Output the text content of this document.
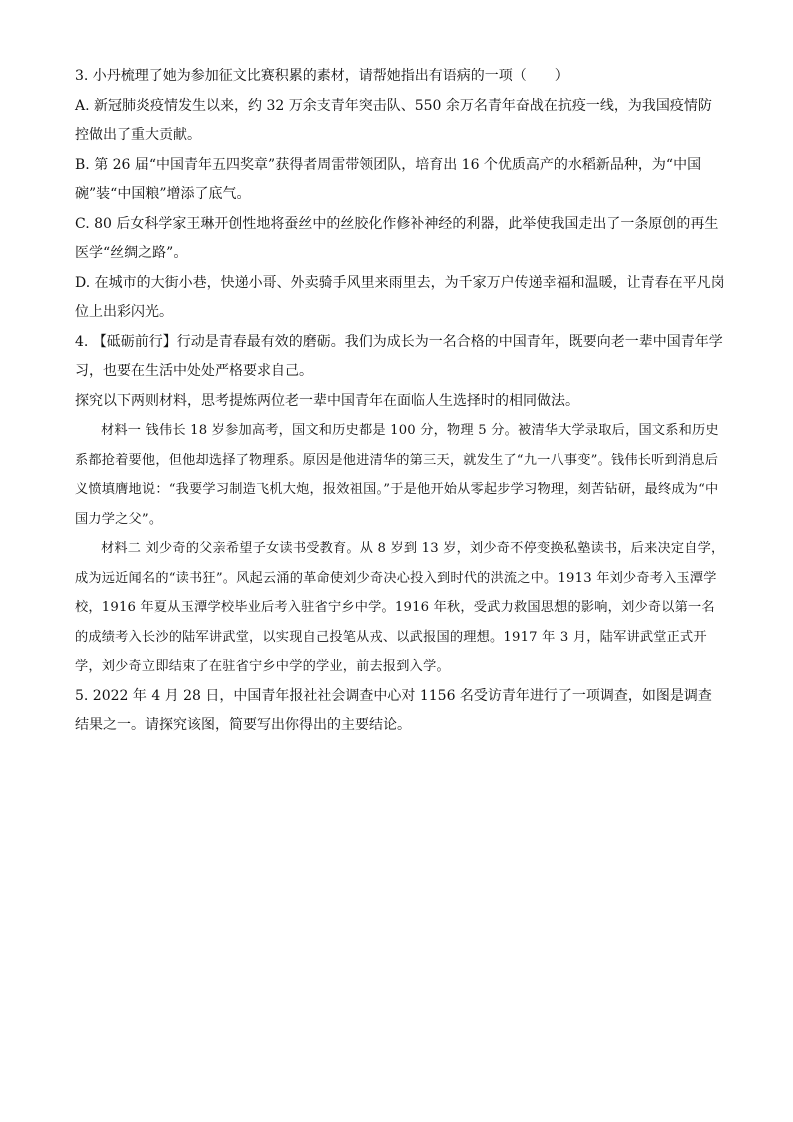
3. 小丹梳理了她为参加征文比赛积累的素材，请帮她指出有语病的一项（　　）
A. 新冠肺炎疫情发生以来，约 32 万余支青年突击队、550 余万名青年奋战在抗疫一线，为我国疫情防控做出了重大贡献。
B. 第 26 届“中国青年五四奖章”获得者周雷带领团队，培育出 16 个优质高产的水稻新品种，为“中国碗”装“中国粮”增添了底气。
C. 80 后女科学家王琳开创性地将蚕丝中的丝胶化作修补神经的利器，此举使我国走出了一条原创的再生医学“丝绸之路”。
D. 在城市的大街小巷，快递小哥、外卖骑手风里来雨里去，为千家万户传递幸福和温暖，让青春在平凡岗位上出彩闪光。
4. 【砥砺前行】行动是青春最有效的磨砺。我们为成长为一名合格的中国青年，既要向老一辈中国青年学习，也要在生活中处处严格要求自己。
探究以下两则材料，思考提炼两位老一辈中国青年在面临人生选择时的相同做法。
材料一 钱伟长 18 岁参加高考，国文和历史都是 100 分，物理 5 分。被清华大学录取后，国文系和历史系都抢着要他，但他却选择了物理系。原因是他进清华的第三天，就发生了“九一八事变”。钱伟长听到消息后义愤填膺地说：“我要学习制造飞机大炮，报效祖国。”于是他开始从零起步学习物理，刻苦钻研，最终成为“中国力学之父”。
材料二 刘少奇的父亲希望子女读书受教育。从 8 岁到 13 岁，刘少奇不停变换私塾读书，后来决定自学，成为远近闻名的“读书狂”。风起云涌的革命使刘少奇决心投入到时代的洪流之中。1913 年刘少奇考入玉潭学校，1916 年夏从玉潭学校毕业后考入驻省宁乡中学。1916 年秋，受武力救国思想的影响，刘少奇以第一名的成绩考入长沙的陆军讲武堂，以实现自己投笔从戎、以武报国的理想。1917 年 3 月，陆军讲武堂正式开学，刘少奇立即结束了在驻省宁乡中学的学业，前去报到入学。
5. 2022 年 4 月 28 日，中国青年报社社会调查中心对 1156 名受访青年进行了一项调查，如图是调查结果之一。请探究该图，简要写出你得出的主要结论。
